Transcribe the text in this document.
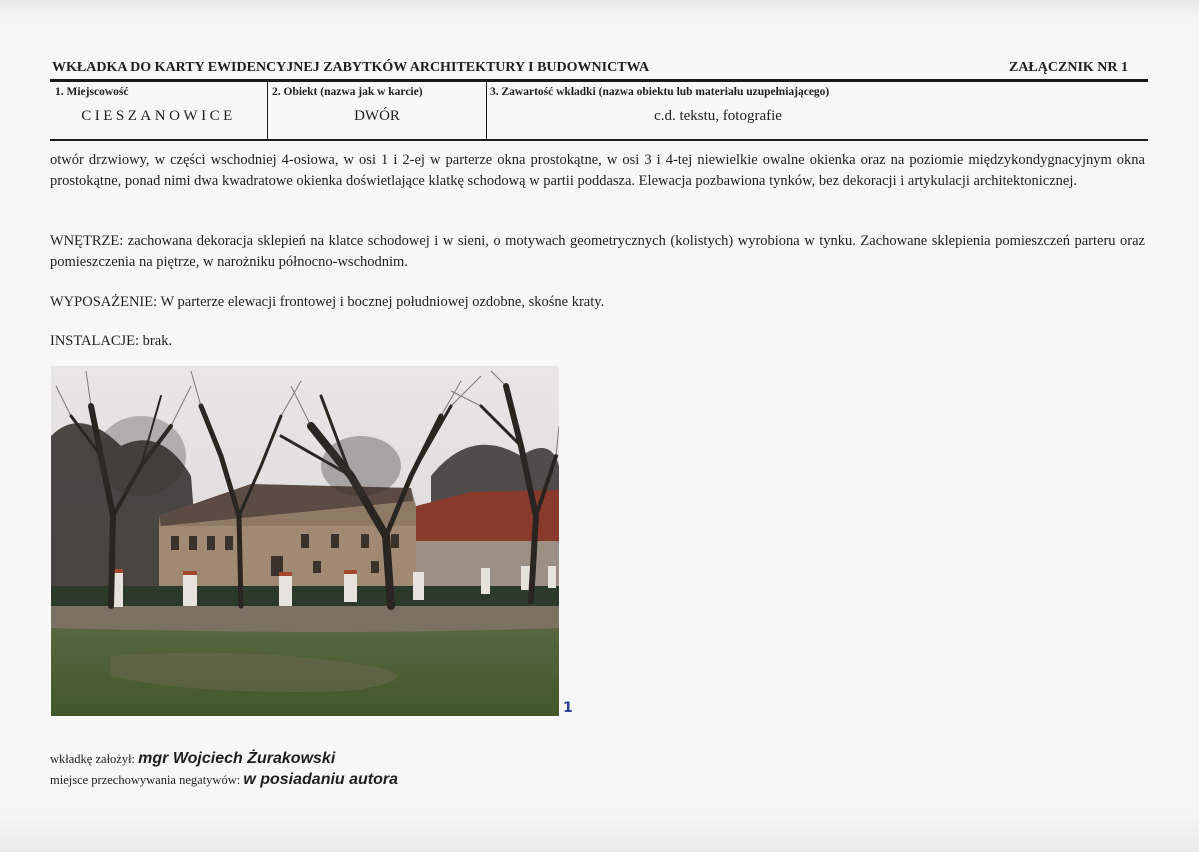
WKŁADKA DO KARTY EWIDENCYJNEJ ZABYTKÓW ARCHITEKTURY I BUDOWNICTWA	ZAŁĄCZNIK NR 1
1. Miejscowość	2. Obiekt (nazwa jak w karcie)	3. Zawartość wkładki (nazwa obiektu lub materiału uzupełniającego)
CIESZANOWICE	DWÓR	c.d. tekstu, fotografie

otwór drzwiowy, w części wschodniej 4-osiowa, w osi 1 i 2-ej w parterze okna prostokątne, w osi 3 i 4-tej niewielkie owalne okienka oraz na poziomie międzykondygnacyjnym okna prostokątne, ponad nimi dwa kwadratowe okienka doświetlające klatkę schodową w partii poddasza. Elewacja pozbawiona tynków, bez dekoracji i artykulacji architektonicznej.

WNĘTRZE: zachowana dekoracja sklepień na klatce schodowej i w sieni, o motywach geometrycznych (kolistych) wyrobiona w tynku. Zachowane sklepienia pomieszczeń parteru oraz pomieszczenia na piętrze, w narożniku północno-wschodnim.

WYPOSAŻENIE: W parterze elewacji frontowej i bocznej południowej ozdobne, skośne kraty.

INSTALACJE: brak.

1
wkładkę założył: mgr Wojciech Żurakowski
miejsce przechowywania negatywów: w posiadaniu autora
